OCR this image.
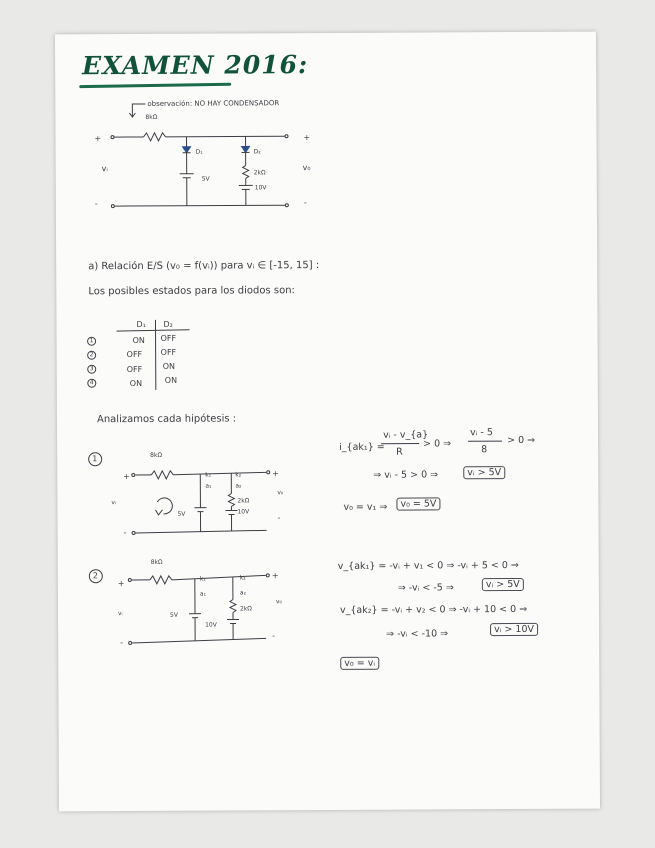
EXAMEN 2016:
observación: NO HAY CONDENSADOR
8kΩ
+	+
vᵢ	v₀
-	-
D₁	D₂
5V
2kΩ
10V
a) Relación E/S (v₀ = f(vᵢ)) para vᵢ ∈ [-15, 15] :
Los posibles estados para los diodos son:
D₁ D₂
1	ON OFF
2	OFF OFF
3	OFF	ON
4	ON	ON
Analizamos cada hipótesis :
1	8kΩ
+	+
vᵢ
v₀
-
-
k₁	k₂
a₁	a₂
5V
2kΩ
10V
i_{ak₁} =
vᵢ - v_{a}
R
> 0 ⇒
vᵢ - 5
8
> 0 ⇒
⇒ vᵢ - 5 > 0 ⇒	vᵢ > 5V
v₀ = v₁ ⇒	v₀ = 5V
2
8kΩ
+
+
vᵢ
v₀
-
-
k₁	k₂
a₁	a₂
5V
2kΩ
10V
v_{ak₁} = -vᵢ + v₁ < 0 ⇒ -vᵢ + 5 < 0 ⇒
⇒ -vᵢ < -5 ⇒	vᵢ > 5V
v_{ak₂} = -vᵢ + v₂ < 0 ⇒ -vᵢ + 10 < 0 ⇒
⇒ -vᵢ < -10 ⇒	vᵢ > 10V
v₀ = vᵢ
